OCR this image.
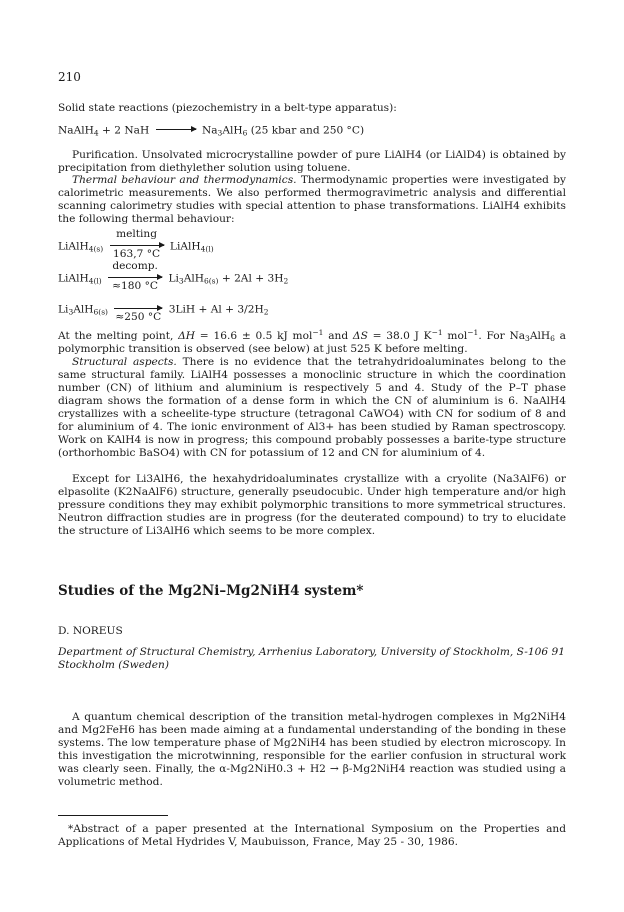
210
Solid state reactions (piezochemistry in a belt-type apparatus):
NaAlH$_4$ + 2 NaH	$Na_3AlH_6$ (25 kbar and 250 °C)
Purification. Unsolvated microcrystalline powder of pure LiAlH4 (or LiAlD4) is obtained by precipitation from diethylether solution using toluene.
Thermal behaviour and thermodynamics. Thermodynamic properties were investigated by calorimetric measurements. We also performed thermogravimetric analysis and differential scanning calorimetry studies with special attention to phase transformations. LiAlH4 exhibits the following thermal behaviour:
LiAlH$_{4(s)}$
melting
163,7 °C
LiAlH$_{4(l)}$
LiAlH$_{4(l)}$
decomp.
≈180 °C
$Li_3AlH_{6(s)} + 2Al + 3H_2$
$Li_3AlH_{6(s)} \approx 250$ °C
$3LiH + Al + 3/2H_2$
At the melting point, ΔH = 16.6 ± 0.5 kJ mol$^{-1}$ and ΔS = 38.0 J $K^{-1}$ mol$^{-1}$. For $Na_3AlH_6$ a polymorphic transition is observed (see below) at just 525 K before melting.
Structural aspects. There is no evidence that the tetrahydridoaluminates belong to the same structural family. LiAlH4 possesses a monoclinic structure in which the coordination number (CN) of lithium and aluminium is respectively 5 and 4. Study of the P–T phase diagram shows the formation of a dense form in which the CN of aluminium is 6. NaAlH4 crystallizes with a scheelite-type structure (tetragonal CaWO4) with CN for sodium of 8 and for aluminium of 4. The ionic environment of Al3+ has been studied by Raman spectroscopy. Work on KAlH4 is now in progress; this compound probably possesses a barite-type structure (orthorhombic BaSO4) with CN for potassium of 12 and CN for aluminium of 4.
Except for Li3AlH6, the hexahydridoaluminates crystallize with a cryolite (Na3AlF6) or elpasolite (K2NaAlF6) structure, generally pseudocubic. Under high temperature and/or high pressure conditions they may exhibit polymorphic transitions to more symmetrical structures. Neutron diffraction studies are in progress (for the deuterated compound) to try to elucidate the structure of Li3AlH6 which seems to be more complex.
Studies of the Mg2Ni–Mg2NiH4 system*
D. NOREUS
Department of Structural Chemistry, Arrhenius Laboratory, University of Stockholm, S-106 91 Stockholm (Sweden)
A quantum chemical description of the transition metal-hydrogen complexes in Mg2NiH4 and Mg2FeH6 has been made aiming at a fundamental understanding of the bonding in these systems. The low temperature phase of Mg2NiH4 has been studied by electron microscopy. In this investigation the microtwinning, responsible for the earlier confusion in structural work was clearly seen. Finally, the α-Mg2NiH0.3 + H2 → β-Mg2NiH4 reaction was studied using a volumetric method.
*Abstract of a paper presented at the International Symposium on the Properties and Applications of Metal Hydrides V, Maubuisson, France, May 25 - 30, 1986.
